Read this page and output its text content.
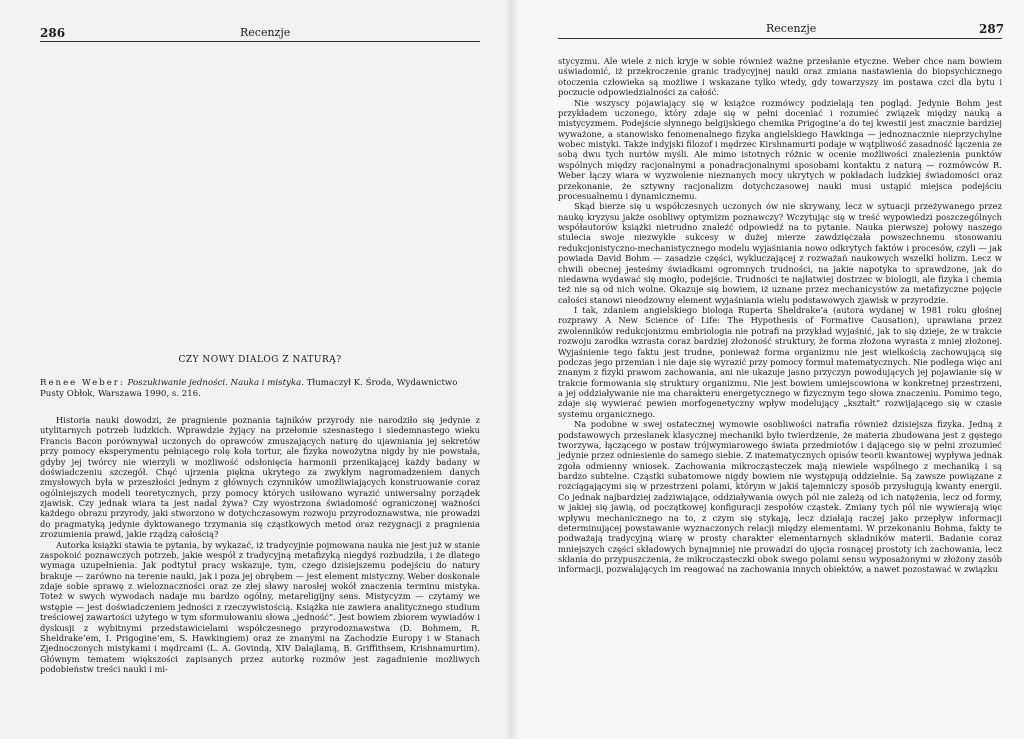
286	Recenzje
CZY NOWY DIALOG Z NATURĄ?
Renee Weber: Poszukiwanie jedności. Nauka i mistyka. Tłumaczył K. Środa, Wydawnictwo Pusty Obłok, Warszawa 1990, s. 216.

Historia nauki dowodzi, że pragnienie poznania tajników przyrody nie narodziło się jedynie z utylitarnych potrzeb ludzkich. Wprawdzie żyjący na przełomie szesnastego i siedemnastego wieku Francis Bacon porównywał uczonych do oprawców zmuszających naturę do ujawniania jej sekretów przy pomocy eksperymentu pełniącego rolę koła tortur, ale fizyka nowożytna nigdy by nie powstała, gdyby jej twórcy nie wierzyli w możliwość odsłonięcia harmonii przenikającej każdy badany w doświadczeniu szczegół. Chęć ujrzenia piękna ukrytego za zwykłym nagromadzeniem danych zmysłowych była w przeszłości jednym z głównych czynników umożliwiających konstruowanie coraz ogólniejszych modeli teoretycznych, przy pomocy których usiłowano wyrazić uniwersalny porządek zjawisk. Czy jednak wiara ta jest nadal żywa? Czy wyostrzona świadomość ograniczonej ważności każdego obrazu przyrody, jaki stworzono w dotychczasowym rozwoju przyrodoznawstwa, nie prowadzi do pragmatyką jedynie dyktowanego trzymania się cząstkowych metod oraz rezygnacji z pragnienia zrozumienia prawd, jakie rządzą całością?

Autorka książki stawia te pytania, by wykazać, iż tradycyjnie pojmowana nauka nie jest już w stanie zaspokoić poznawczych potrzeb, jakie wespół z tradycyjną metafizyką niegdyś rozbudziła, i że dlatego wymaga uzupełnienia. Jak podtytuł pracy wskazuje, tym, czego dzisiejszemu podejściu do natury brakuje — zarówno na terenie nauki, jak i poza jej obrębem — jest element mistyczny. Weber doskonale zdaje sobie sprawę z wieloznaczności oraz ze złej sławy narosłej wokół znaczenia terminu mistyka. Toteż w swych wywodach nadaje mu bardzo ogólny, metareligijny sens. Mistycyzm — czytamy we wstępie — jest doświadczeniem jedności z rzeczywistością. Książka nie zawiera analitycznego studium treściowej zawartości użytego w tym sformułowaniu słowa „jedność”. Jest bowiem zbiorem wywiadów i dyskusji z wybitnymi przedstawicielami współczesnego przyrodoznawstwa (D. Bohmem, R. Sheldrake’em, I. Prigogine’em, S. Hawkingiem) oraz ze znanymi na Zachodzie Europy i w Stanach Zjednoczonych mistykami i mędrcami (L. A. Govindą, XIV Dalajlamą, B. Griffithsem, Krishnamurtim). Głównym tematem większości zapisanych przez autorkę rozmów jest zagadnienie możliwych podobieństw treści nauki i mi-

Recenzje	287

stycyzmu. Ale wiele z nich kryje w sobie również ważne przesłanie etyczne. Weber chce nam bowiem uświadomić, iż przekroczenie granic tradycyjnej nauki oraz zmiana nastawienia do biopsychicznego otoczenia człowieka są możliwe i wskazane tylko wtedy, gdy towarzyszy im postawa czci dla bytu i poczucie odpowiedzialności za całość.

Nie wszyscy pojawiający się w książce rozmówcy podzielają ten pogląd. Jedynie Bohm jest przykładem uczonego, który zdaje się w pełni doceniać i rozumieć związek między nauką a mistycyzmem. Podejście słynnego belgijskiego chemika Prigogine’a do tej kwestii jest znacznie bardziej wyważone, a stanowisko fenomenalnego fizyka angielskiego Hawkinga — jednoznacznie nieprzychylne wobec mistyki. Także indyjski filozof i mędrzec Kirshnamurti podaje w wątpliwość zasadność łączenia ze sobą dwu tych nurtów myśli. Ale mimo istotnych różnic w ocenie możliwości znalezienia punktów wspólnych między racjonalnymi a ponadracjonalnymi sposobami kontaktu z naturą — rozmówców R. Weber łączy wiara w wyzwolenie nieznanych mocy ukrytych w pokładach ludzkiej świadomości oraz przekonanie, że sztywny racjonalizm dotychczasowej nauki musi ustąpić miejsca podejściu procesualnemu i dynamicznemu.

Skąd bierze się u współczesnych uczonych ów nie skrywany, lecz w sytuacji przeżywanego przez naukę kryzysu jakże osobliwy optymizm poznawczy? Wczytując się w treść wypowiedzi poszczególnych współautorów książki nietrudno znaleźć odpowiedź na to pytanie. Nauka pierwszej połowy naszego stulecia swoje niezwykłe sukcesy w dużej mierze zawdzięczała powszechnemu stosowaniu redukcjonistyczno-mechanistycznego modelu wyjaśniania nowo odkrytych faktów i procesów, czyli — jak powiada David Bohm — zasadzie części, wykluczającej z rozważań naukowych wszelki holizm. Lecz w chwili obecnej jesteśmy świadkami ogromnych trudności, na jakie napotyka to sprawdzone, jak do niedawna wydawać się mogło, podejście. Trudności te najłatwiej dostrzec w biologii, ale fizyka i chemia też nie są od nich wolne. Okazuje się bowiem, iż uznane przez mechanicystów za metafizyczne pojęcie całości stanowi nieodzowny element wyjaśniania wielu podstawowych zjawisk w przyrodzie.

I tak, zdaniem angielskiego biologa Ruperta Sheldrake’a (autora wydanej w 1981 roku głośnej rozprawy A New Science of Life: The Hypothesis of Formative Causation), uprawiana przez zwolenników redukcjonizmu embriologia nie potrafi na przykład wyjaśnić, jak to się dzieje, że w trakcie rozwoju zarodka wzrasta coraz bardziej złożoność struktury, że forma złożona wyrasta z mniej złożonej. Wyjaśnienie tego faktu jest trudne, ponieważ forma organizmu nie jest wielkością zachowującą się podczas jego przemian i nie daje się wyrazić przy pomocy formuł matematycznych. Nie podlega więc ani znanym z fizyki prawom zachowania, ani nie ukazuje jasno przyczyn powodujących jej pojawianie się w trakcie formowania się struktury organizmu. Nie jest bowiem umiejscowiona w konkretnej przestrzeni, a jej oddziaływanie nie ma charakteru energetycznego w fizycznym tego słowa znaczeniu. Pomimo tego, zdaje się wywierać pewien morfogenetyczny wpływ modelujący „kształt” rozwijającego się w czasie systemu organicznego.

Na podobne w swej ostatecznej wymowie osobliwości natrafia również dzisiejsza fizyka. Jedną z podstawowych przesłanek klasycznej mechaniki było twierdzenie, że materia zbudowana jest z gęstego tworzywa, łączącego w postaw trójwymiarowego świata przedmiotów i dającego się w pełni zrozumieć jedynie przez odniesienie do samego siebie. Z matematycznych opisów teorii kwantowej wypływa jednak zgoła odmienny wniosek. Zachowania mikrocząsteczek mają niewiele wspólnego z mechaniką i są bardzo subtelne. Cząstki subatomowe nigdy bowiem nie występują oddzielnie. Są zawsze powiązane z rozciągającymi się w przestrzeni polami, którym w jakiś tajemniczy sposób przysługują kwanty energii. Co jednak najbardziej zadziwiające, oddziaływania owych pól nie zależą od ich natężenia, lecz od formy, w jakiej się jawią, od początkowej konfiguracji zespołów cząstek. Zmiany tych pól nie wywierają więc wpływu mechanicznego na to, z czym się stykają, lecz działają raczej jako przepływ informacji determinującej powstawanie wyznaczonych relacji między elementami. W przekonaniu Bohma, fakty te podważają tradycyjną wiarę w prosty charakter elementarnych składników materii. Badanie coraz mniejszych części składowych bynajmniej nie prowadzi do ujęcia rosnącej prostoty ich zachowania, lecz skłania do przypuszczenia, że mikrocząsteczki obok swego polami sensu wyposażonymi w złożony zasób informacji, pozwalających im reagować na zachowania innych obiektów, a nawet pozostawać w związku
